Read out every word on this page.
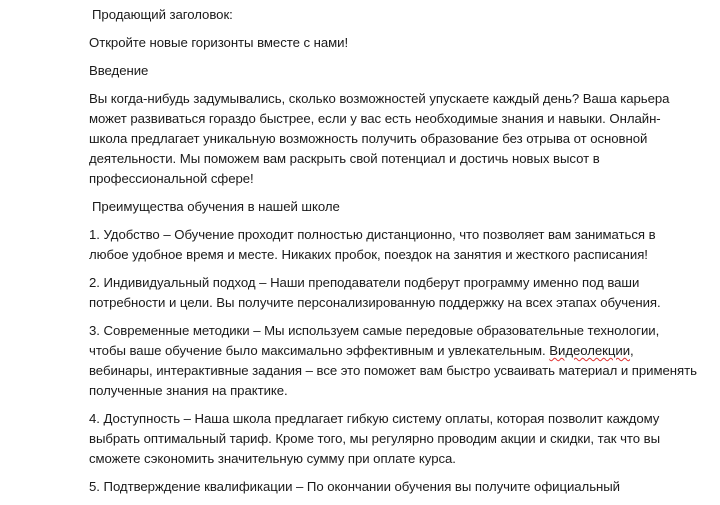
Продающий заголовок:

Откройте новые горизонты вместе с нами!

Введение

Вы когда-нибудь задумывались, сколько возможностей упускаете каждый день? Ваша карьера
может развиваться гораздо быстрее, если у вас есть необходимые знания и навыки. Онлайн-
школа предлагает уникальную возможность получить образование без отрыва от основной
деятельности. Мы поможем вам раскрыть свой потенциал и достичь новых высот в
профессиональной сфере!

Преимущества обучения в нашей школе

1. Удобство – Обучение проходит полностью дистанционно, что позволяет вам заниматься в
любое удобное время и месте. Никаких пробок, поездок на занятия и жесткого расписания!

2. Индивидуальный подход – Наши преподаватели подберут программу именно под ваши
потребности и цели. Вы получите персонализированную поддержку на всех этапах обучения.

3. Современные методики – Мы используем самые передовые образовательные технологии,
чтобы ваше обучение было максимально эффективным и увлекательным. Видеолекции,
вебинары, интерактивные задания – все это поможет вам быстро усваивать материал и применять
полученные знания на практике.

4. Доступность – Наша школа предлагает гибкую систему оплаты, которая позволит каждому
выбрать оптимальный тариф. Кроме того, мы регулярно проводим акции и скидки, так что вы
сможете сэкономить значительную сумму при оплате курса.

5. Подтверждение квалификации – По окончании обучения вы получите официальный
